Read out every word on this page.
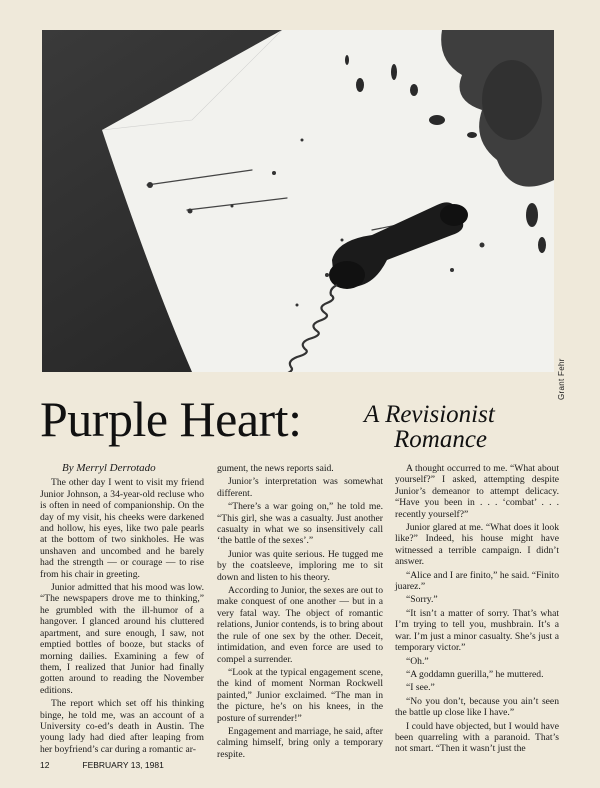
Grant Fehr
Purple Heart:	A Revisionist
Romance
By Merryl Derrotado

The other day I went to visit my friend Junior Johnson, a 34-year-old recluse who is often in need of companionship. On the day of my visit, his cheeks were darkened and hollow, his eyes, like two pale pearls at the bottom of two sinkholes. He was unshaven and uncombed and he barely had the strength — or courage — to rise from his chair in greeting.

Junior admitted that his mood was low. “The newspapers drove me to thinking,” he grumbled with the ill-humor of a hangover. I glanced around his cluttered apartment, and sure enough, I saw, not emptied bottles of booze, but stacks of morning dailies. Examining a few of them, I realized that Junior had finally gotten around to reading the November editions.

The report which set off his thinking binge, he told me, was an account of a University co-ed’s death in Austin. The young lady had died after leaping from her boyfriend’s car during a romantic ar-

gument, the news reports said.

Junior’s interpretation was somewhat different.

“There’s a war going on,” he told me. “This girl, she was a casualty. Just another casualty in what we so insensitively call ‘the battle of the sexes’.”

Junior was quite serious. He tugged me by the coatsleeve, imploring me to sit down and listen to his theory.

According to Junior, the sexes are out to make conquest of one another — but in a very fatal way. The object of romantic relations, Junior contends, is to bring about the rule of one sex by the other. Deceit, intimidation, and even force are used to compel a surrender.

“Look at the typical engagement scene, the kind of moment Norman Rockwell painted,” Junior exclaimed. “The man in the picture, he’s on his knees, in the posture of surrender!”

Engagement and marriage, he said, after calming himself, bring only a temporary respite.

A thought occurred to me. “What about yourself?” I asked, attempting despite Junior’s demeanor to attempt delicacy. “Have you been in . . . ‘combat’ . . . recently yourself?”

Junior glared at me. “What does it look like?” Indeed, his house might have witnessed a terrible campaign. I didn’t answer.

“Alice and I are finito,” he said. “Finito juarez.”

“Sorry.”

“It isn’t a matter of sorry. That’s what I’m trying to tell you, mushbrain. It’s a war. I’m just a minor casualty. She’s just a temporary victor.”

“Oh.”

“A goddamn guerilla,” he muttered.

“I see.”

“No you don’t, because you ain’t seen the battle up close like I have.”

I could have objected, but I would have been quarreling with a paranoid. That’s not smart. “Then it wasn’t just the

12	FEBRUARY 13, 1981
